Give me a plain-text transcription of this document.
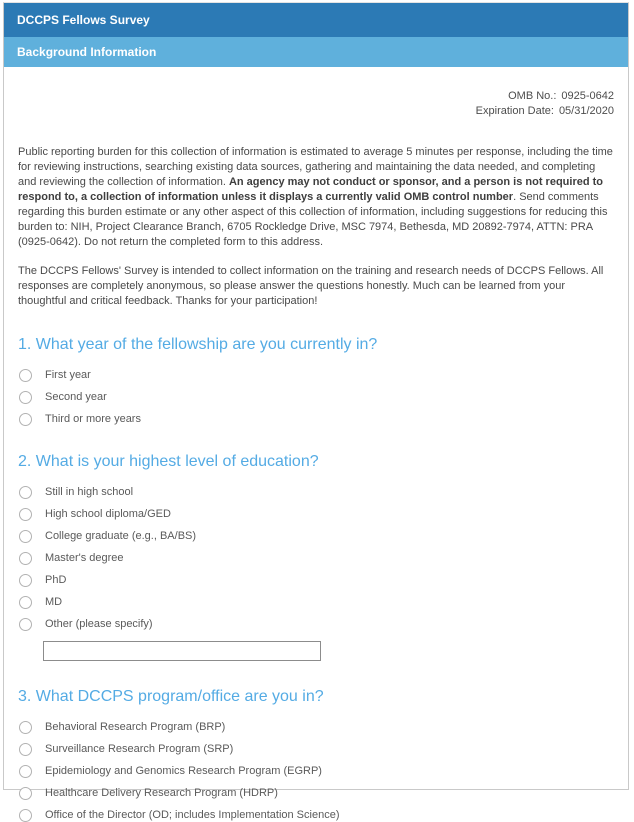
DCCPS Fellows Survey
Background Information
OMB No.: 0925-0642
Expiration Date: 05/31/2020

Public reporting burden for this collection of information is estimated to average 5 minutes per response, including the time for reviewing instructions, searching existing data sources, gathering and maintaining the data needed, and completing and reviewing the collection of information. An agency may not conduct or sponsor, and a person is not required to respond to, a collection of information unless it displays a currently valid OMB control number. Send comments regarding this burden estimate or any other aspect of this collection of information, including suggestions for reducing this burden to: NIH, Project Clearance Branch, 6705 Rockledge Drive, MSC 7974, Bethesda, MD 20892-7974, ATTN: PRA (0925-0642). Do not return the completed form to this address.

The DCCPS Fellows' Survey is intended to collect information on the training and research needs of DCCPS Fellows. All responses are completely anonymous, so please answer the questions honestly. Much can be learned from your thoughtful and critical feedback. Thanks for your participation!

1. What year of the fellowship are you currently in?
First year
Second year
Third or more years
2. What is your highest level of education?
Still in high school
High school diploma/GED
College graduate (e.g., BA/BS)
Master's degree
PhD
MD
Other (please specify)
3. What DCCPS program/office are you in?
Behavioral Research Program (BRP)
Surveillance Research Program (SRP)
Epidemiology and Genomics Research Program (EGRP)
Healthcare Delivery Research Program (HDRP)
Office of the Director (OD; includes Implementation Science)
